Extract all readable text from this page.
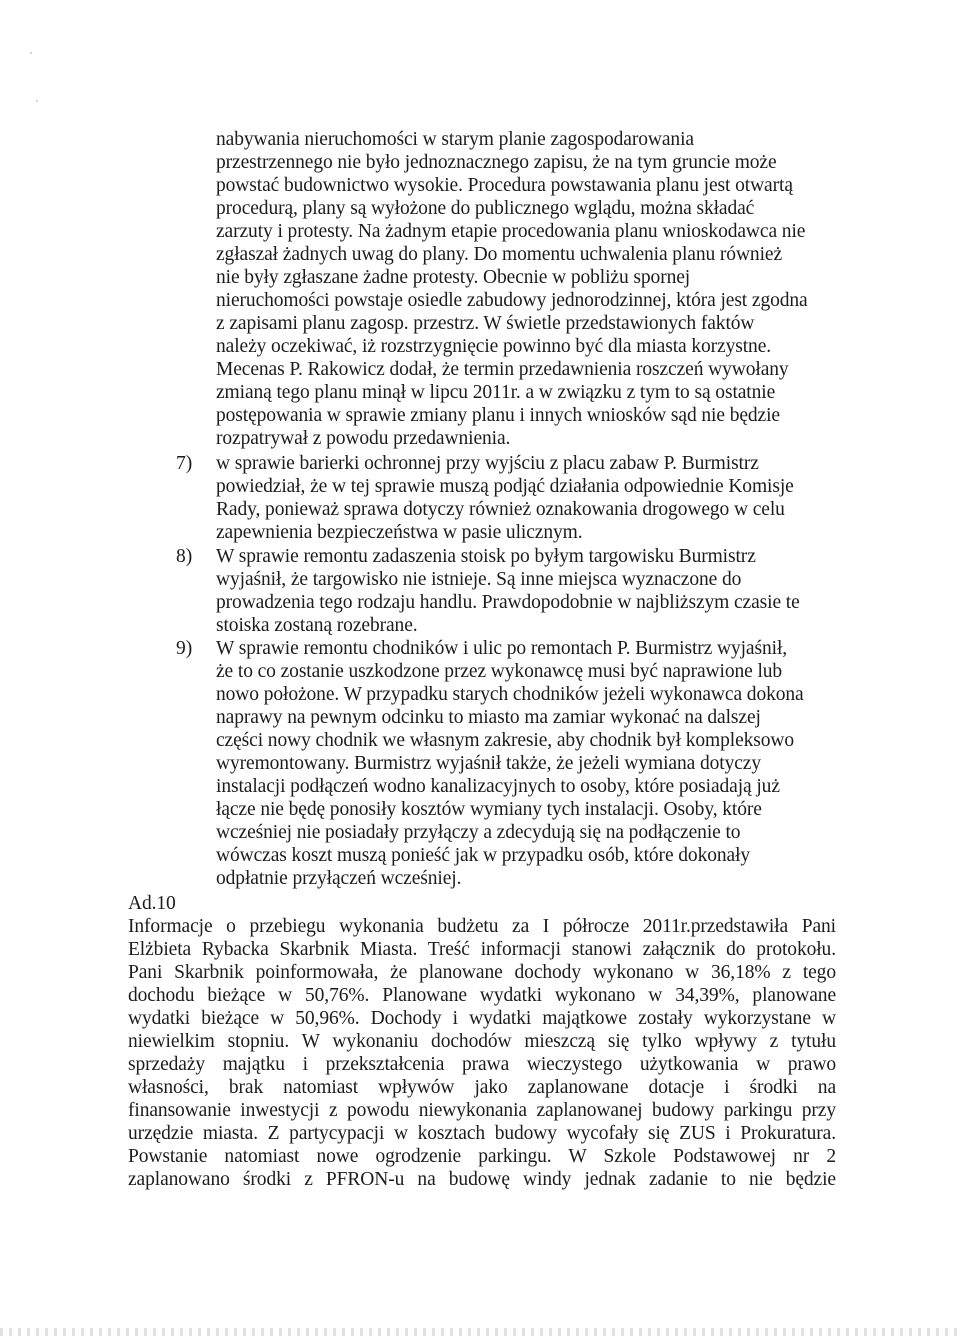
nabywania nieruchomości w starym planie zagospodarowania
przestrzennego nie było jednoznacznego zapisu, że na tym gruncie może
powstać budownictwo wysokie. Procedura powstawania planu jest otwartą
procedurą, plany są wyłożone do publicznego wglądu, można składać
zarzuty i protesty. Na żadnym etapie procedowania planu wnioskodawca nie
zgłaszał żadnych uwag do plany. Do momentu uchwalenia planu również
nie były zgłaszane żadne protesty. Obecnie w pobliżu spornej
nieruchomości powstaje osiedle zabudowy jednorodzinnej, która jest zgodna
z zapisami planu zagosp. przestrz. W świetle przedstawionych faktów
należy oczekiwać, iż rozstrzygnięcie powinno być dla miasta korzystne.
Mecenas P. Rakowicz dodał, że termin przedawnienia roszczeń wywołany
zmianą tego planu minął w lipcu 2011r. a w związku z tym to są ostatnie
postępowania w sprawie zmiany planu i innych wniosków sąd nie będzie
rozpatrywał z powodu przedawnienia.
7) w sprawie barierki ochronnej przy wyjściu z placu zabaw P. Burmistrz
powiedział, że w tej sprawie muszą podjąć działania odpowiednie Komisje
Rady, ponieważ sprawa dotyczy również oznakowania drogowego w celu
zapewnienia bezpieczeństwa w pasie ulicznym.
8) W sprawie remontu zadaszenia stoisk po byłym targowisku Burmistrz
wyjaśnił, że targowisko nie istnieje. Są inne miejsca wyznaczone do
prowadzenia tego rodzaju handlu. Prawdopodobnie w najbliższym czasie te
stoiska zostaną rozebrane.
9) W sprawie remontu chodników i ulic po remontach P. Burmistrz wyjaśnił,
że to co zostanie uszkodzone przez wykonawcę musi być naprawione lub
nowo położone. W przypadku starych chodników jeżeli wykonawca dokona
naprawy na pewnym odcinku to miasto ma zamiar wykonać na dalszej
części nowy chodnik we własnym zakresie, aby chodnik był kompleksowo
wyremontowany. Burmistrz wyjaśnił także, że jeżeli wymiana dotyczy
instalacji podłączeń wodno kanalizacyjnych to osoby, które posiadają już
łącze nie będę ponosiły kosztów wymiany tych instalacji. Osoby, które
wcześniej nie posiadały przyłączy a zdecydują się na podłączenie to
wówczas koszt muszą ponieść jak w przypadku osób, które dokonały
odpłatnie przyłączeń wcześniej.
Ad.10
Informacje o przebiegu wykonania budżetu za I półrocze 2011r.przedstawiła Pani
Elżbieta Rybacka Skarbnik Miasta. Treść informacji stanowi załącznik do protokołu.
Pani Skarbnik poinformowała, że planowane dochody wykonano w 36,18% z tego
dochodu bieżące w 50,76%. Planowane wydatki wykonano w 34,39%, planowane
wydatki bieżące w 50,96%. Dochody i wydatki majątkowe zostały wykorzystane w
niewielkim stopniu. W wykonaniu dochodów mieszczą się tylko wpływy z tytułu
sprzedaży majątku i przekształcenia prawa wieczystego użytkowania w prawo
własności, brak natomiast wpływów jako zaplanowane dotacje i środki na
finansowanie inwestycji z powodu niewykonania zaplanowanej budowy parkingu przy
urzędzie miasta. Z partycypacji w kosztach budowy wycofały się ZUS i Prokuratura.
Powstanie natomiast nowe ogrodzenie parkingu. W Szkole Podstawowej nr 2
zaplanowano środki z PFRON-u na budowę windy jednak zadanie to nie będzie
